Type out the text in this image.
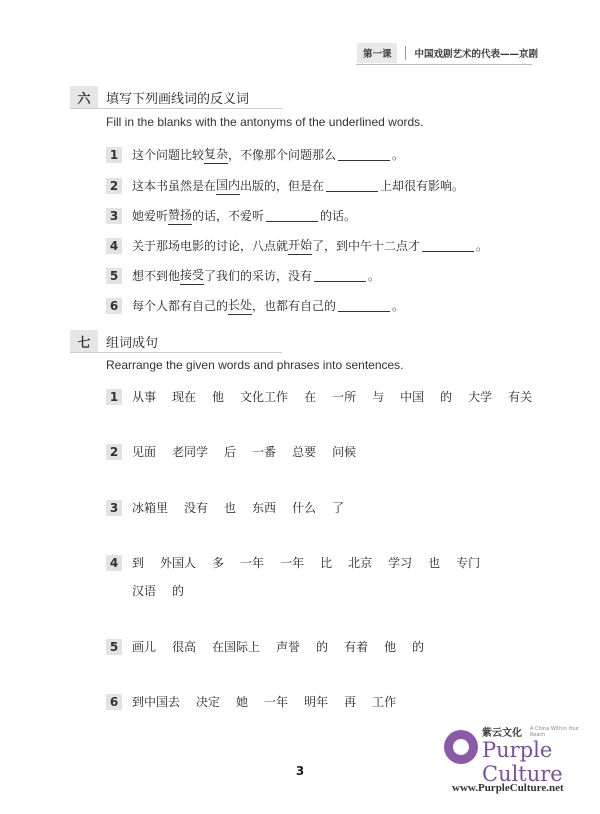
第一课	中国戏剧艺术的代表——京剧
六	填写下列画线词的反义词
Fill in the blanks with the antonyms of the underlined words.
1	这个问题比较 复杂 ，不像那个问题那么	。
2	这本书虽然是在 国内 出版的，但是在	上却很有影响。
3	她爱听 赞扬 的话，不爱听	的话。
4	关于那场电影的讨论，八点就 开始 了，到中午十二点才	。
5	想不到他 接受 了我们的采访，没有	。
6	每个人都有自己的 长处 ，也都有自己的	。
七	组词成句
Rearrange the given words and phrases into sentences.
1	从事 现在 他 文化工作 在 一所 与 中国 的 大学 有关
2	见面 老同学 后 一番 总要 问候
3	冰箱里 没有 也 东西 什么 了
4	到 外国人 多 一年 一年 比 北京 学习 也 专门
汉语 的
5	画儿 很高 在国际上 声誉 的 有着 他 的
6	到中国去 决定 她 一年 明年 再 工作
3
紫云文化 A China Within Your Reach
Purple Culture
www.PurpleCulture.net
